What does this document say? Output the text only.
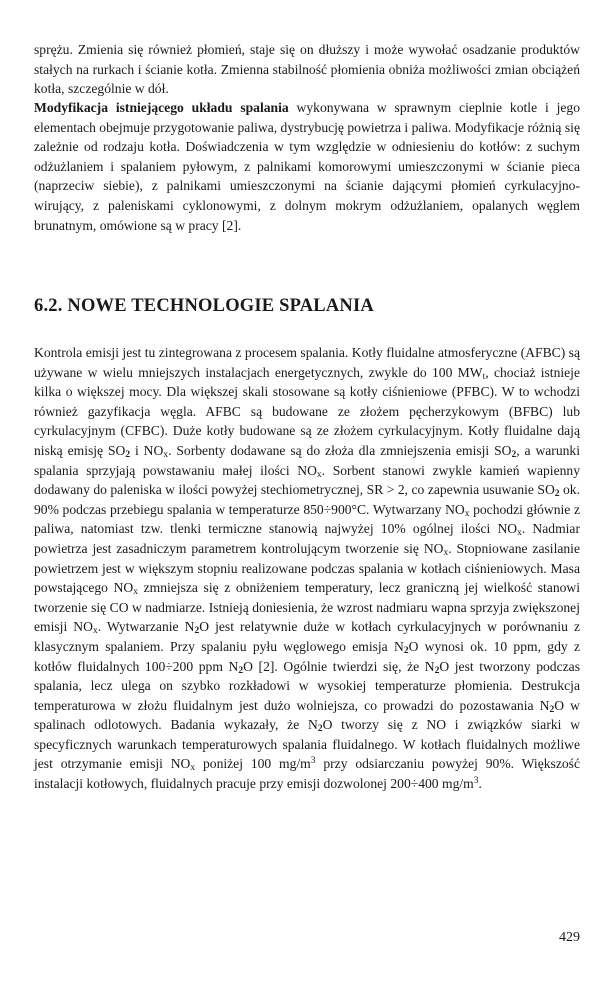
sprężu. Zmienia się również płomień, staje się on dłuższy i może wywołać osadzanie produktów stałych na rurkach i ścianie kotła. Zmienna stabilność płomienia obniża możliwości zmian obciążeń kotła, szczególnie w dół.

Modyfikacja istniejącego układu spalania wykonywana w sprawnym cieplnie kotle i jego elementach obejmuje przygotowanie paliwa, dystrybucję powietrza i paliwa. Modyfikacje różnią się zależnie od rodzaju kotła. Doświadczenia w tym względzie w odniesieniu do kotłów: z suchym odżużlaniem i spalaniem pyłowym, z palnikami komorowymi umieszczonymi w ścianie pieca (naprzeciw siebie), z palnikami umieszczonymi na ścianie dającymi płomień cyrkulacyjno-wirujący, z paleniskami cyklonowymi, z dolnym mokrym odżużlaniem, opalanych węglem brunatnym, omówione są w pracy [2].

6.2. NOWE TECHNOLOGIE SPALANIA

Kontrola emisji jest tu zintegrowana z procesem spalania. Kotły fluidalne atmosferyczne (AFBC) są używane w wielu mniejszych instalacjach energetycznych, zwykle do 100 $MW_t$, chociaż istnieje kilka o większej mocy. Dla większej skali stosowane są kotły ciśnieniowe (PFBC). W to wchodzi również gazyfikacja węgla. AFBC są budowane ze złożem pęcherzykowym (BFBC) lub cyrkulacyjnym (CFBC). Duże kotły budowane są ze złożem cyrkulacyjnym. Kotły fluidalne dają niską emisję $SO_2$ i $NO_x$. Sorbenty dodawane są do złoża dla zmniejszenia emisji $SO_2$, a warunki spalania sprzyjają powstawaniu małej ilości $NO_x$. Sorbent stanowi zwykle kamień wapienny dodawany do paleniska w ilości powyżej stechiometrycznej, SR > 2, co zapewnia usuwanie $SO_2$ ok. 90% podczas przebiegu spalania w temperaturze 850÷900°C. Wytwarzany $NO_x$ pochodzi głównie z paliwa, natomiast tzw. tlenki termiczne stanowią najwyżej 10% ogólnej ilości $NO_x$. Nadmiar powietrza jest zasadniczym parametrem kontrolującym tworzenie się $NO_x$. Stopniowane zasilanie powietrzem jest w większym stopniu realizowane podczas spalania w kotłach ciśnieniowych. Masa powstającego $NO_x$ zmniejsza się z obniżeniem temperatury, lecz graniczną jej wielkość stanowi tworzenie się CO w nadmiarze. Istnieją doniesienia, że wzrost nadmiaru wapna sprzyja zwiększonej emisji $NO_x$. Wytwarzanie $N_2O$ jest relatywnie duże w kotłach cyrkulacyjnych w porównaniu z klasycznym spalaniem. Przy spalaniu pyłu węglowego emisja $N_2O$ wynosi ok. 10 ppm, gdy z kotłów fluidalnych 100÷200 ppm $N_2O$ [2]. Ogólnie twierdzi się, że $N_2O$ jest tworzony podczas spalania, lecz ulega on szybko rozkładowi w wysokiej temperaturze płomienia. Destrukcja temperaturowa w złożu fluidalnym jest dużo wolniejsza, co prowadzi do pozostawania $N_2O$ w spalinach odlotowych. Badania wykazały, że $N_2O$ tworzy się z NO i związków siarki w specyficznych warunkach temperaturowych spalania fluidalnego. W kotłach fluidalnych możliwe jest otrzymanie emisji $NO_x$ poniżej 100 $mg/m^3$ przy odsiarczaniu powyżej 90%. Większość instalacji kotłowych, fluidalnych pracuje przy emisji dozwolonej 200÷400 $mg/m^3$.

429
